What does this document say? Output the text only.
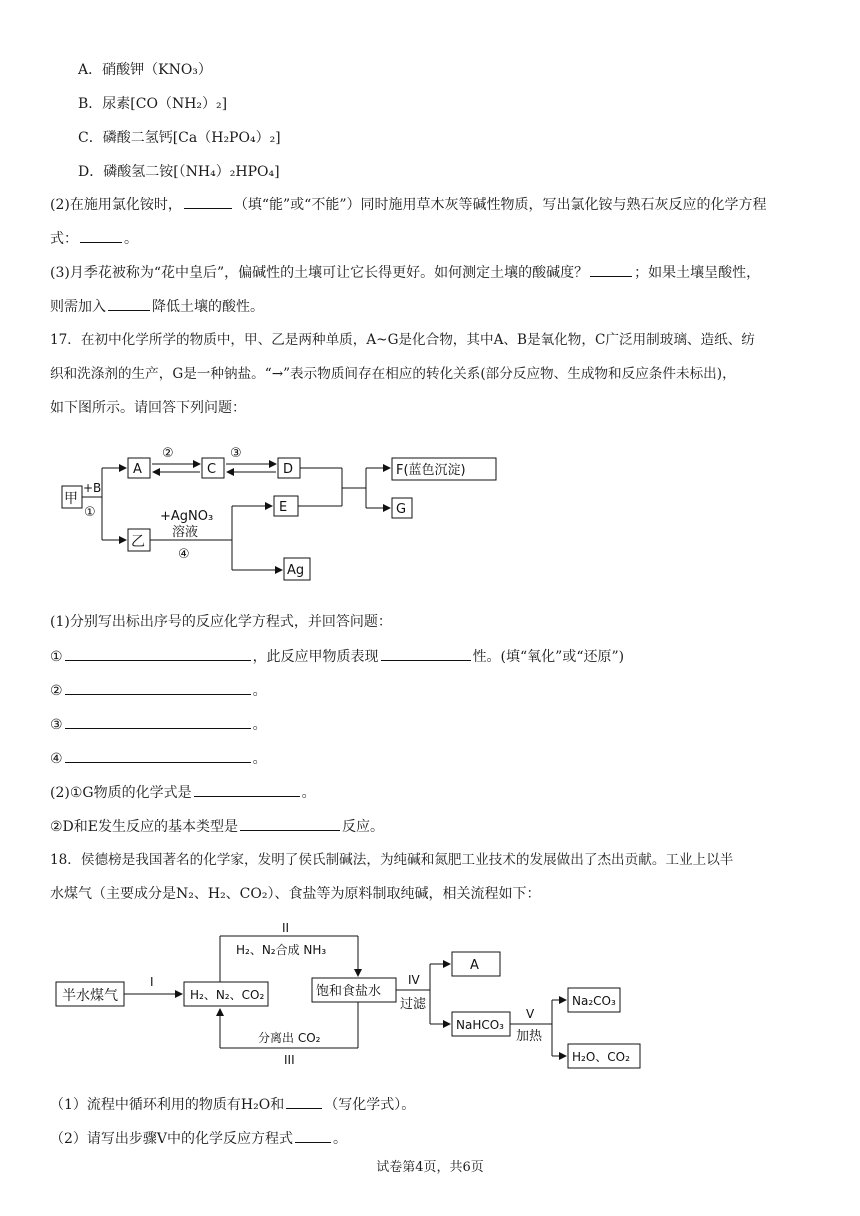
A．硝酸钾（KNO₃）
B．尿素[CO（NH₂）₂]
C．磷酸二氢钙[Ca（H₂PO₄）₂]
D．磷酸氢二铵[（NH₄）₂HPO₄]
(2)在施用氯化铵时，	（填“能”或“不能”）同时施用草木灰等碱性物质，写出氯化铵与熟石灰反应的化学方程
式：	。
(3)月季花被称为“花中皇后”，偏碱性的土壤可让它长得更好。如何测定土壤的酸碱度？	；如果土壤呈酸性，
则需加入	降低土壤的酸性。
17．在初中化学所学的物质中，甲、乙是两种单质，A~G是化合物，其中A、B是氧化物，C广泛用制玻璃、造纸、纺
织和洗涤剂的生产，G是一种钠盐。“→”表示物质间存在相应的转化关系(部分反应物、生成物和反应条件未标出)，
如下图所示。请回答下列问题：
甲
+B
①
A	C	D
②	③
F(蓝色沉淀)
G
E
乙
+AgNO₃
溶液
④
Ag
(1)分别写出标出序号的反应化学方程式，并回答问题：
①	，此反应甲物质表现	性。(填“氧化”或“还原”)
②	。
③	。
④	。
(2)①G物质的化学式是	。
②D和E发生反应的基本类型是	反应。
18．侯德榜是我国著名的化学家，发明了侯氏制碱法，为纯碱和氮肥工业技术的发展做出了杰出贡献。工业上以半
水煤气（主要成分是N₂、H₂、CO₂）、食盐等为原料制取纯碱，相关流程如下：
半水煤气
I
H₂、N₂、CO₂
II
H₂、N₂合成 NH₃
饱和食盐水
分离出 CO₂
III
IV
过滤
A
NaHCO₃
V
加热
Na₂CO₃
H₂O、CO₂
（1）流程中循环利用的物质有H₂O和	（写化学式）。
（2）请写出步骤Ⅴ中的化学反应方程式	。
试卷第4页，共6页
